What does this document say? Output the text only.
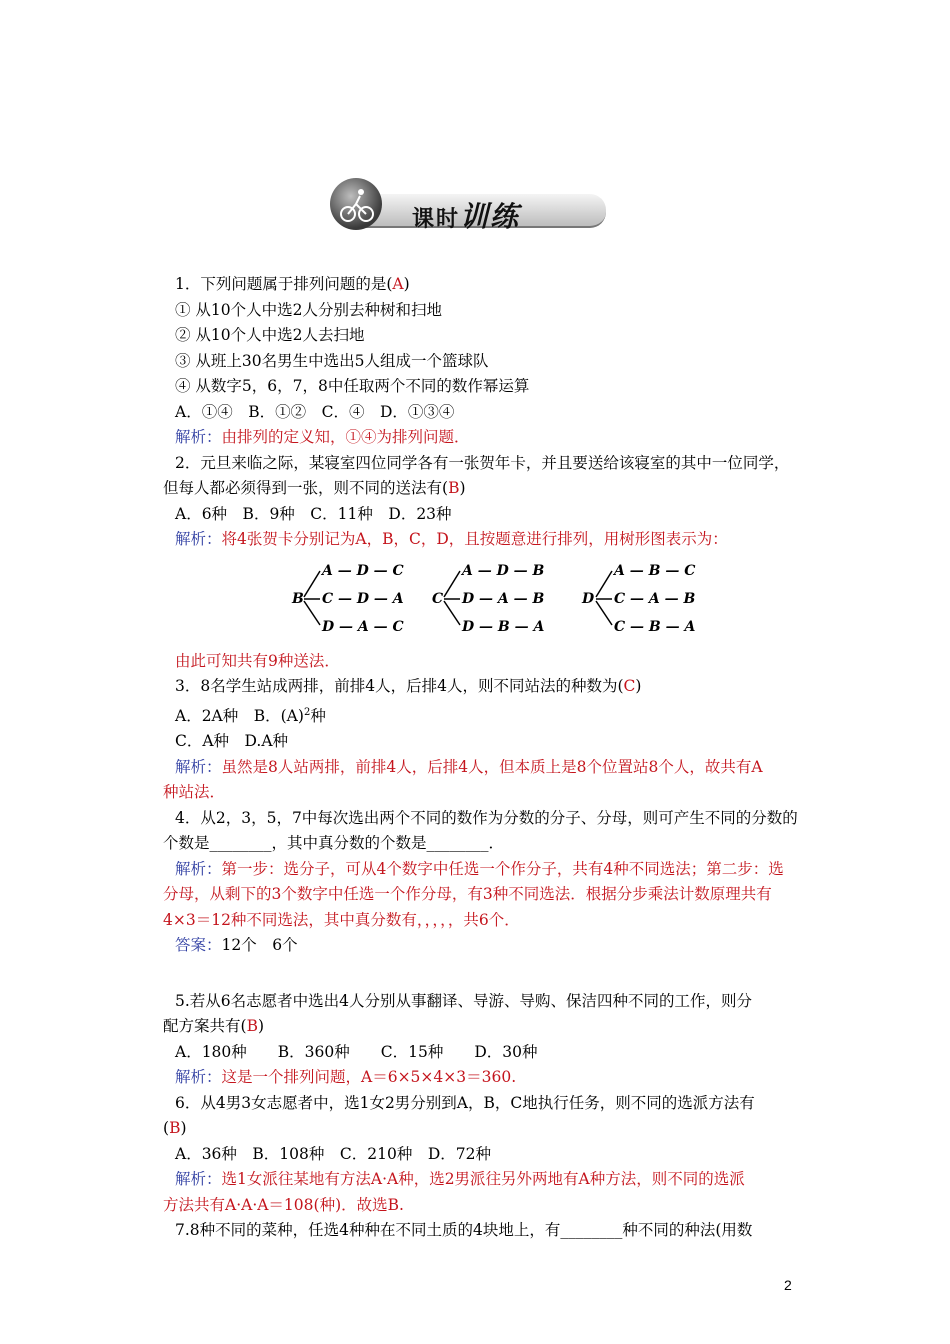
课时训练
1．下列问题属于排列问题的是(A)
① 从10个人中选2人分别去种树和扫地
② 从10个人中选2人去扫地
③ 从班上30名男生中选出5人组成一个篮球队
④ 从数字5，6，7，8中任取两个不同的数作幂运算
A．①④　B．①②　C．④　D．①③④
解析：由排列的定义知，①④为排列问题．
2．元旦来临之际，某寝室四位同学各有一张贺年卡，并且要送给该寝室的其中一位同学，
但每人都必须得到一张，则不同的送法有(B)
A．6种　B．9种　C．11种　D．23种
解析：将4张贺卡分别记为A，B，C，D，且按题意进行排列，用树形图表示为：
B
A — D — C
C — D — A
D — A — C
C
A — D — B
D — A — B
D — B — A
D
A — B — C
C — A — B
C — B — A
由此可知共有9种送法．
3．8名学生站成两排，前排4人，后排4人，则不同站法的种数为(C)
A．2A种　B．$(A)^2$种
C．A种　D.A种
解析：虽然是8人站两排，前排4人，后排4人，但本质上是8个位置站8个人，故共有A
种站法．
4．从2，3，5，7中每次选出两个不同的数作为分数的分子、分母，则可产生不同的分数的
个数是________，其中真分数的个数是________．
解析：第一步：选分子，可从4个数字中任选一个作分子，共有4种不同选法；第二步：选
分母，从剩下的3个数字中任选一个作分母，有3种不同选法．根据分步乘法计数原理共有
4×3＝12种不同选法，其中真分数有，，，，，共6个．
答案：12个　6个
5.若从6名志愿者中选出4人分别从事翻译、导游、导购、保洁四种不同的工作，则分
配方案共有(B)
A．180种　　B．360种　　C．15种　　D．30种
解析：这是一个排列问题，A＝6×5×4×3＝360.
6．从4男3女志愿者中，选1女2男分别到A，B，C地执行任务，则不同的选派方法有
(B)
A．36种　B．108种　C．210种　D．72种
解析：选1女派往某地有方法A·A种，选2男派往另外两地有A种方法，则不同的选派
方法共有A·A·A＝108(种)．故选B.
7.8种不同的菜种，任选4种种在不同土质的4块地上，有________种不同的种法(用数
2
